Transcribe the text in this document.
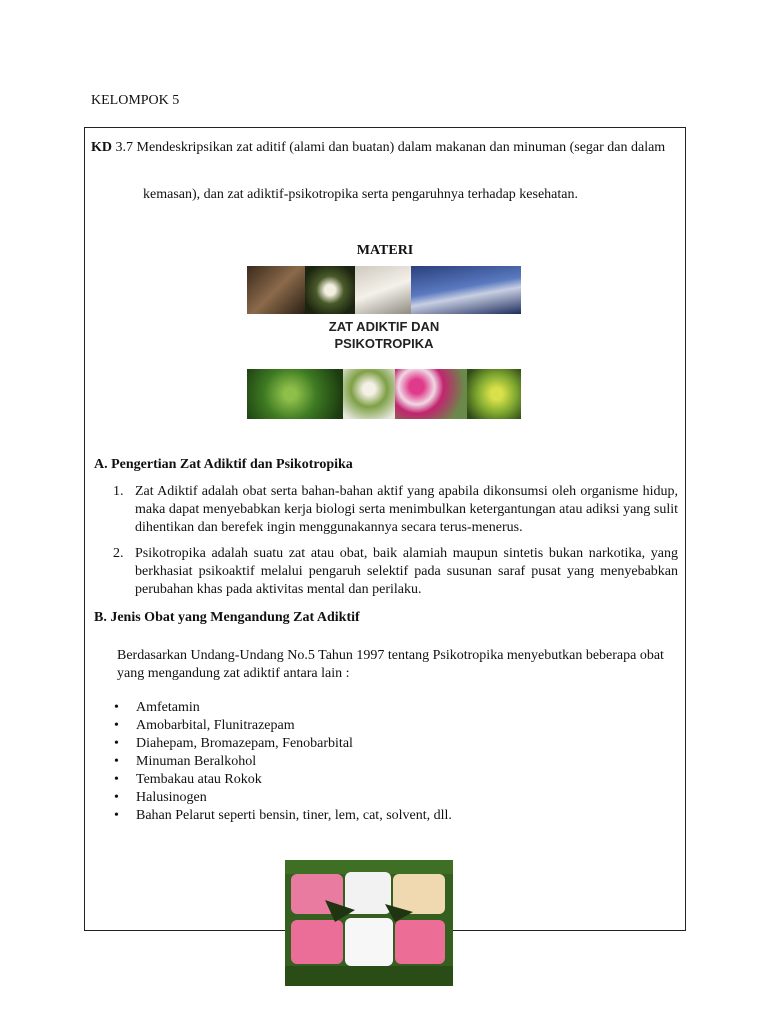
KELOMPOK 5
KD 3.7 Mendeskripsikan zat aditif (alami dan buatan) dalam makanan dan minuman (segar dan dalam
kemasan), dan zat adiktif-psikotropika serta pengaruhnya terhadap kesehatan.
MATERI
ZAT ADIKTIF DAN
PSIKOTROPIKA
A. Pengertian Zat Adiktif dan Psikotropika
1. Zat Adiktif adalah obat serta bahan-bahan aktif yang apabila dikonsumsi oleh organisme hidup, maka dapat menyebabkan kerja biologi serta menimbulkan ketergantungan atau adiksi yang sulit dihentikan dan berefek ingin menggunakannya secara terus-menerus.
2. Psikotropika adalah suatu zat atau obat, baik alamiah maupun sintetis bukan narkotika, yang berkhasiat psikoaktif melalui pengaruh selektif pada susunan saraf pusat yang menyebabkan perubahan khas pada aktivitas mental dan perilaku.
B. Jenis Obat yang Mengandung Zat Adiktif
Berdasarkan Undang-Undang No.5 Tahun 1997 tentang Psikotropika menyebutkan beberapa obat yang mengandung zat adiktif antara lain :
• Amfetamin
• Amobarbital, Flunitrazepam
• Diahepam, Bromazepam, Fenobarbital
• Minuman Beralkohol
• Tembakau atau Rokok
• Halusinogen
• Bahan Pelarut seperti bensin, tiner, lem, cat, solvent, dll.
